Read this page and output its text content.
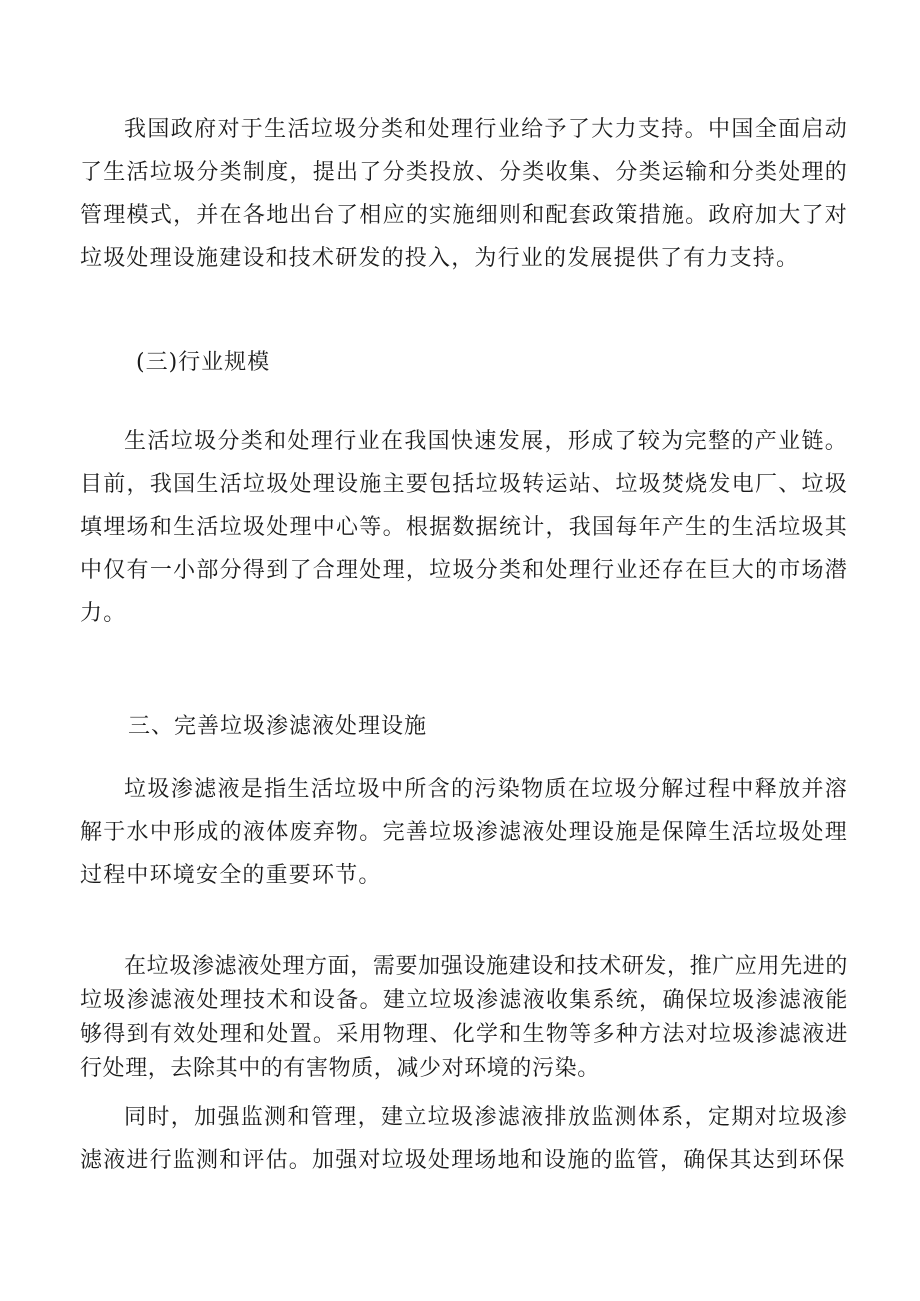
我国政府对于生活垃圾分类和处理行业给予了大力支持。中国全面启动了生活垃圾分类制度，提出了分类投放、分类收集、分类运输和分类处理的管理模式，并在各地出台了相应的实施细则和配套政策措施。政府加大了对垃圾处理设施建设和技术研发的投入，为行业的发展提供了有力支持。

(三)行业规模

生活垃圾分类和处理行业在我国快速发展，形成了较为完整的产业链。目前，我国生活垃圾处理设施主要包括垃圾转运站、垃圾焚烧发电厂、垃圾填埋场和生活垃圾处理中心等。根据数据统计，我国每年产生的生活垃圾其中仅有一小部分得到了合理处理，垃圾分类和处理行业还存在巨大的市场潜力。

三、完善垃圾渗滤液处理设施

垃圾渗滤液是指生活垃圾中所含的污染物质在垃圾分解过程中释放并溶解于水中形成的液体废弃物。完善垃圾渗滤液处理设施是保障生活垃圾处理过程中环境安全的重要环节。

在垃圾渗滤液处理方面，需要加强设施建设和技术研发，推广应用先进的垃圾渗滤液处理技术和设备。建立垃圾渗滤液收集系统，确保垃圾渗滤液能够得到有效处理和处置。采用物理、化学和生物等多种方法对垃圾渗滤液进行处理，去除其中的有害物质，减少对环境的污染。

同时，加强监测和管理，建立垃圾渗滤液排放监测体系，定期对垃圾渗滤液进行监测和评估。加强对垃圾处理场地和设施的监管，确保其达到环保
